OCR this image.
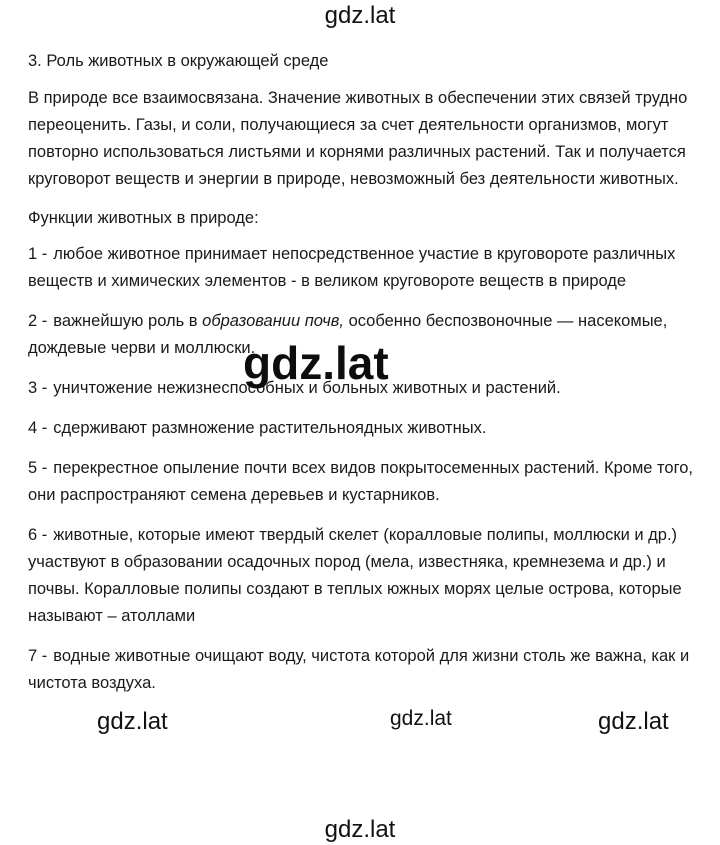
gdz.lat

3. Роль животных в окружающей среде

В природе все взаимосвязана. Значение животных в обеспечении этих связей трудно переоценить. Газы, и соли, получающиеся за счет деятельности организмов, могут повторно использоваться листьями и корнями различных растений. Так и получается круговорот веществ и энергии в природе, невозможный без деятельности животных.

Функции животных в природе:

1 - любое животное принимает непосредственное участие в круговороте различных веществ и химических элементов - в великом круговороте веществ в природе

2 - важнейшую роль в образовании почв, особенно беспозвоночные — насекомые, дождевые черви и моллюски.

3 - уничтожение нежизнеспособных и больных животных и растений.

4 - сдерживают размножение растительноядных животных.

5 - перекрестное опыление почти всех видов покрытосеменных растений. Кроме того, они распространяют семена деревьев и кустарников.

6 - животные, которые имеют твердый скелет (коралловые полипы, моллюски и др.) участвуют в образовании осадочных пород (мела, известняка, кремнезема и др.) и почвы. Коралловые полипы создают в теплых южных морях целые острова, которые называют – атоллами

7 - водные животные очищают воду, чистота которой для жизни столь же важна, как и чистота воздуха.

gdz.lat
gdz.lat	gdz.lat	gdz.lat
gdz.lat
